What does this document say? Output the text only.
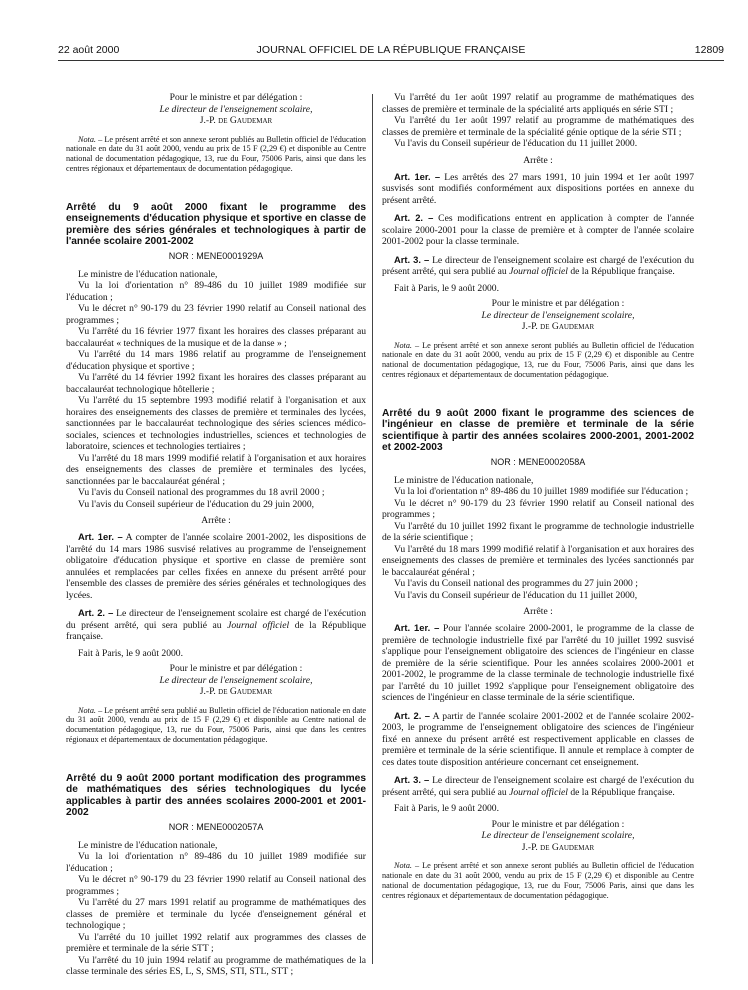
22 août 2000	JOURNAL OFFICIEL DE LA RÉPUBLIQUE FRANÇAISE	12809
Pour le ministre et par délégation :
Le directeur de l'enseignement scolaire,
J.-P. de Gaudemar

Nota. – Le présent arrêté et son annexe seront publiés au Bulletin officiel de l'éducation nationale en date du 31 août 2000, vendu au prix de 15 F (2,29 €) et disponible au Centre national de documentation pédagogique, 13, rue du Four, 75006 Paris, ainsi que dans les centres régionaux et départementaux de documentation pédagogique.

Arrêté du 9 août 2000 fixant le programme des enseignements d'éducation physique et sportive en classe de première des séries générales et technologiques à partir de l'année scolaire 2001-2002

NOR : MENE0001929A

Le ministre de l'éducation nationale,

Vu la loi d'orientation n° 89-486 du 10 juillet 1989 modifiée sur l'éducation ;

Vu le décret n° 90-179 du 23 février 1990 relatif au Conseil national des programmes ;

Vu l'arrêté du 16 février 1977 fixant les horaires des classes préparant au baccalauréat « techniques de la musique et de la danse » ;

Vu l'arrêté du 14 mars 1986 relatif au programme de l'enseignement d'éducation physique et sportive ;

Vu l'arrêté du 14 février 1992 fixant les horaires des classes préparant au baccalauréat technologique hôtellerie ;

Vu l'arrêté du 15 septembre 1993 modifié relatif à l'organisation et aux horaires des enseignements des classes de première et terminales des lycées, sanctionnées par le baccalauréat technologique des séries sciences médico-sociales, sciences et technologies industrielles, sciences et technologies de laboratoire, sciences et technologies tertiaires ;

Vu l'arrêté du 18 mars 1999 modifié relatif à l'organisation et aux horaires des enseignements des classes de première et terminales des lycées, sanctionnées par le baccalauréat général ;

Vu l'avis du Conseil national des programmes du 18 avril 2000 ;

Vu l'avis du Conseil supérieur de l'éducation du 29 juin 2000,

Arrête :

Art. 1er. – A compter de l'année scolaire 2001-2002, les dispositions de l'arrêté du 14 mars 1986 susvisé relatives au programme de l'enseignement obligatoire d'éducation physique et sportive en classe de première sont annulées et remplacées par celles fixées en annexe du présent arrêté pour l'ensemble des classes de première des séries générales et technologiques des lycées.

Art. 2. – Le directeur de l'enseignement scolaire est chargé de l'exécution du présent arrêté, qui sera publié au Journal officiel de la République française.

Fait à Paris, le 9 août 2000.

Pour le ministre et par délégation :
Le directeur de l'enseignement scolaire,
J.-P. de Gaudemar

Nota. – Le présent arrêté sera publié au Bulletin officiel de l'éducation nationale en date du 31 août 2000, vendu au prix de 15 F (2,29 €) et disponible au Centre national de documentation pédagogique, 13, rue du Four, 75006 Paris, ainsi que dans les centres régionaux et départementaux de documentation pédagogique.

Arrêté du 9 août 2000 portant modification des programmes de mathématiques des séries technologiques du lycée applicables à partir des années scolaires 2000-2001 et 2001-2002

NOR : MENE0002057A

Le ministre de l'éducation nationale,

Vu la loi d'orientation n° 89-486 du 10 juillet 1989 modifiée sur l'éducation ;

Vu le décret n° 90-179 du 23 février 1990 relatif au Conseil national des programmes ;

Vu l'arrêté du 27 mars 1991 relatif au programme de mathématiques des classes de première et terminale du lycée d'enseignement général et technologique ;

Vu l'arrêté du 10 juillet 1992 relatif aux programmes des classes de première et terminale de la série STT ;

Vu l'arrêté du 10 juin 1994 relatif au programme de mathématiques de la classe terminale des séries ES, L, S, SMS, STI, STL, STT ;

Vu l'arrêté du 1er août 1997 relatif au programme de mathématiques des classes de première et terminale de la spécialité arts appliqués en série STI ;

Vu l'arrêté du 1er août 1997 relatif au programme de mathématiques des classes de première et terminale de la spécialité génie optique de la série STI ;

Vu l'avis du Conseil supérieur de l'éducation du 11 juillet 2000.

Arrête :

Art. 1er. – Les arrêtés des 27 mars 1991, 10 juin 1994 et 1er août 1997 susvisés sont modifiés conformément aux dispositions portées en annexe du présent arrêté.

Art. 2. – Ces modifications entrent en application à compter de l'année scolaire 2000-2001 pour la classe de première et à compter de l'année scolaire 2001-2002 pour la classe terminale.

Art. 3. – Le directeur de l'enseignement scolaire est chargé de l'exécution du présent arrêté, qui sera publié au Journal officiel de la République française.

Fait à Paris, le 9 août 2000.

Pour le ministre et par délégation :
Le directeur de l'enseignement scolaire,
J.-P. de Gaudemar

Nota. – Le présent arrêté et son annexe seront publiés au Bulletin officiel de l'éducation nationale en date du 31 août 2000, vendu au prix de 15 F (2,29 €) et disponible au Centre national de documentation pédagogique, 13, rue du Four, 75006 Paris, ainsi que dans les centres régionaux et départementaux de documentation pédagogique.

Arrêté du 9 août 2000 fixant le programme des sciences de l'ingénieur en classe de première et terminale de la série scientifique à partir des années scolaires 2000-2001, 2001-2002 et 2002-2003

NOR : MENE0002058A

Le ministre de l'éducation nationale,

Vu la loi d'orientation n° 89-486 du 10 juillet 1989 modifiée sur l'éducation ;

Vu le décret n° 90-179 du 23 février 1990 relatif au Conseil national des programmes ;

Vu l'arrêté du 10 juillet 1992 fixant le programme de technologie industrielle de la série scientifique ;

Vu l'arrêté du 18 mars 1999 modifié relatif à l'organisation et aux horaires des enseignements des classes de première et terminales des lycées sanctionnés par le baccalauréat général ;

Vu l'avis du Conseil national des programmes du 27 juin 2000 ;

Vu l'avis du Conseil supérieur de l'éducation du 11 juillet 2000,

Arrête :

Art. 1er. – Pour l'année scolaire 2000-2001, le programme de la classe de première de technologie industrielle fixé par l'arrêté du 10 juillet 1992 susvisé s'applique pour l'enseignement obligatoire des sciences de l'ingénieur en classe de première de la série scientifique. Pour les années scolaires 2000-2001 et 2001-2002, le programme de la classe terminale de technologie industrielle fixé par l'arrêté du 10 juillet 1992 s'applique pour l'enseignement obligatoire des sciences de l'ingénieur en classe terminale de la série scientifique.

Art. 2. – A partir de l'année scolaire 2001-2002 et de l'année scolaire 2002-2003, le programme de l'enseignement obligatoire des sciences de l'ingénieur fixé en annexe du présent arrêté est respectivement applicable en classes de première et terminale de la série scientifique. Il annule et remplace à compter de ces dates toute disposition antérieure concernant cet enseignement.

Art. 3. – Le directeur de l'enseignement scolaire est chargé de l'exécution du présent arrêté, qui sera publié au Journal officiel de la République française.

Fait à Paris, le 9 août 2000.

Pour le ministre et par délégation :
Le directeur de l'enseignement scolaire,
J.-P. de Gaudemar

Nota. – Le présent arrêté et son annexe seront publiés au Bulletin officiel de l'éducation nationale en date du 31 août 2000, vendu au prix de 15 F (2,29 €) et disponible au Centre national de documentation pédagogique, 13, rue du Four, 75006 Paris, ainsi que dans les centres régionaux et départementaux de documentation pédagogique.
